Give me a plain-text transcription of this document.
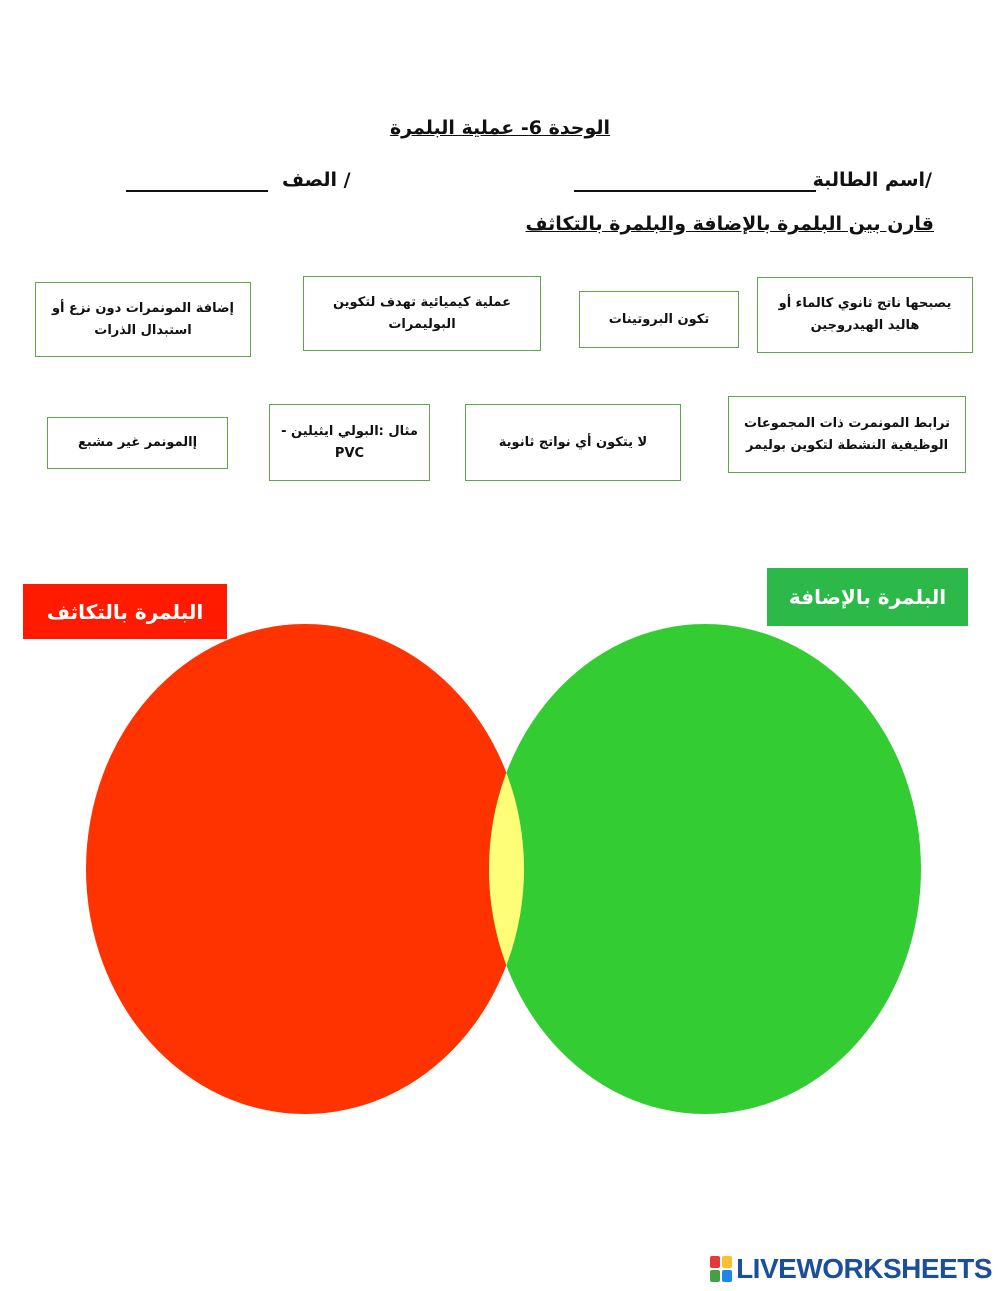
الوحدة 6- عملية البلمرة
اسم الطالبة/
الصف /
قارن بين البلمرة بالإضافة والبلمرة بالتكاثف
يصبحها ناتج ثانوي كالماء أو هاليد الهيدروجين
تكون البروتينات
عملية كيميائية تهدف لتكوين البوليمرات
إضافة المونمرات دون نزع أو استبدال الذرات
ترابط المونمرت ذات المجموعات الوظيفية النشطة لتكوين بوليمر
لا يتكون أي نواتج ثانوية
مثال :البولي ايثيلين - PVC
إالمونمر غير مشبع
البلمرة بالتكاثف
البلمرة بالإضافة
LIVEWORKSHEETS
